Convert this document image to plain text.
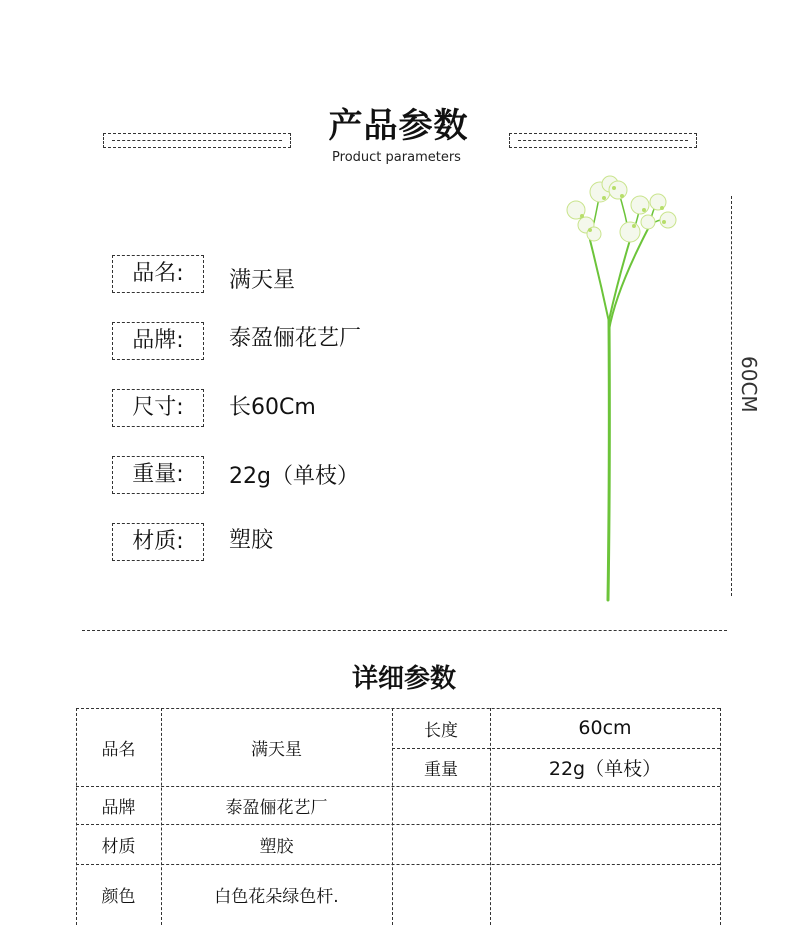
产品参数
Product parameters
品名:	满天星
品牌:	泰盈俪花艺厂
尺寸:	长60Cm
重量:	22g（单枝）
材质:	塑胶
60CM
详细参数
品名	满天星
长度	60cm
重量	22g（单枝）
品牌	泰盈俪花艺厂
材质	塑胶
颜色	白色花朵绿色杆.
